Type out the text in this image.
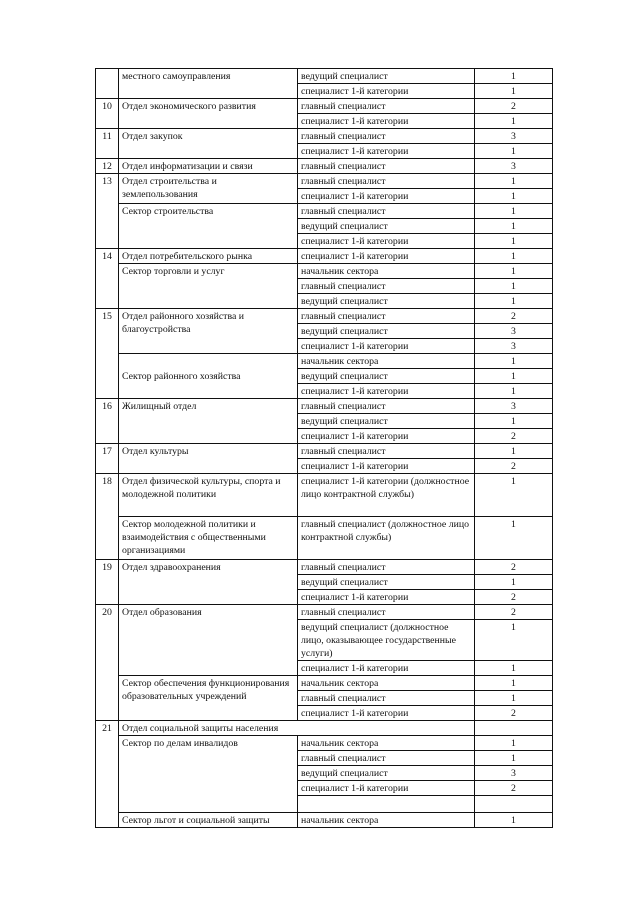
	местного самоуправления	ведущий специалист	1
		специалист 1-й категории	1
10	Отдел экономического развития	главный специалист	2
		специалист 1-й категории	1
11	Отдел закупок	главный специалист	3
		специалист 1-й категории	1
12	Отдел информатизации и связи	главный специалист	3
13	Отдел строительства и землепользования	главный специалист	1
		специалист 1-й категории	1
	Сектор строительства	главный специалист	1
		ведущий специалист	1
		специалист 1-й категории	1
14	Отдел потребительского рынка	специалист 1-й категории	1
	Сектор торговли и услуг	начальник сектора	1
		главный специалист	1
		ведущий специалист	1
15	Отдел районного хозяйства и благоустройства	главный специалист	2
		ведущий специалист	3
		специалист 1-й категории	3
	Сектор районного хозяйства	начальник сектора	1
		ведущий специалист	1
		специалист 1-й категории	1
16	Жилищный отдел	главный специалист	3
		ведущий специалист	1
		специалист 1-й категории	2
17	Отдел культуры	главный специалист	1
		специалист 1-й категории	2
18	Отдел физической культуры, спорта и молодежной политики	специалист 1-й категории (должностное лицо контрактной службы)	1
	Сектор молодежной политики и взаимодействия с общественными организациями	главный специалист (должностное лицо контрактной службы)	1
19	Отдел здравоохранения	главный специалист	2
		ведущий специалист	1
		специалист 1-й категории	2
20	Отдел образования	главный специалист	2
		ведущий специалист (должностное лицо, оказывающее государственные услуги)	1
		специалист 1-й категории	1
	Сектор обеспечения функционирования образовательных учреждений	начальник сектора	1
		главный специалист	1
		специалист 1-й категории	2
21	Отдел социальной защиты населения		
	Сектор по делам инвалидов	начальник сектора	1
		главный специалист	1
		ведущий специалист	3
		специалист 1-й категории	2

	Сектор льгот и социальной защиты	начальник сектора	1
